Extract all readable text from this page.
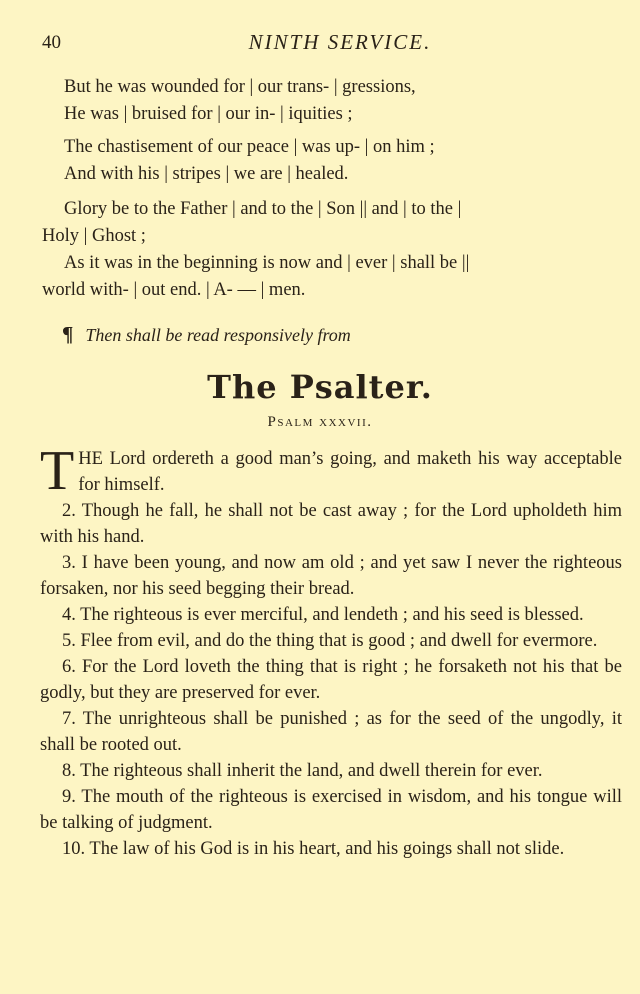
40	NINTH SERVICE.
But he was wounded for | our trans- | gressions,
He was | bruised for | our in- | iquities ;
The chastisement of our peace | was up- | on him ;
And with his | stripes | we are | healed.
Glory be to the Father | and to the | Son || and | to the |
Holy | Ghost ;
As it was in the beginning is now and | ever | shall be ||
world with- | out end. | A- — | men.
¶ Then shall be read responsively from
The Psalter.
Psalm xxxvii.
THE Lord ordereth a good man’s going, and maketh his way acceptable for himself.
2. Though he fall, he shall not be cast away ; for the Lord upholdeth him with his hand.
3. I have been young, and now am old ; and yet saw I never the righteous forsaken, nor his seed begging their bread.
4. The righteous is ever merciful, and lendeth ; and his seed is blessed.
5. Flee from evil, and do the thing that is good ; and dwell for evermore.
6. For the Lord loveth the thing that is right ; he forsaketh not his that be godly, but they are preserved for ever.
7. The unrighteous shall be punished ; as for the seed of the ungodly, it shall be rooted out.
8. The righteous shall inherit the land, and dwell therein for ever.
9. The mouth of the righteous is exercised in wisdom, and his tongue will be talking of judgment.
10. The law of his God is in his heart, and his goings shall not slide.
